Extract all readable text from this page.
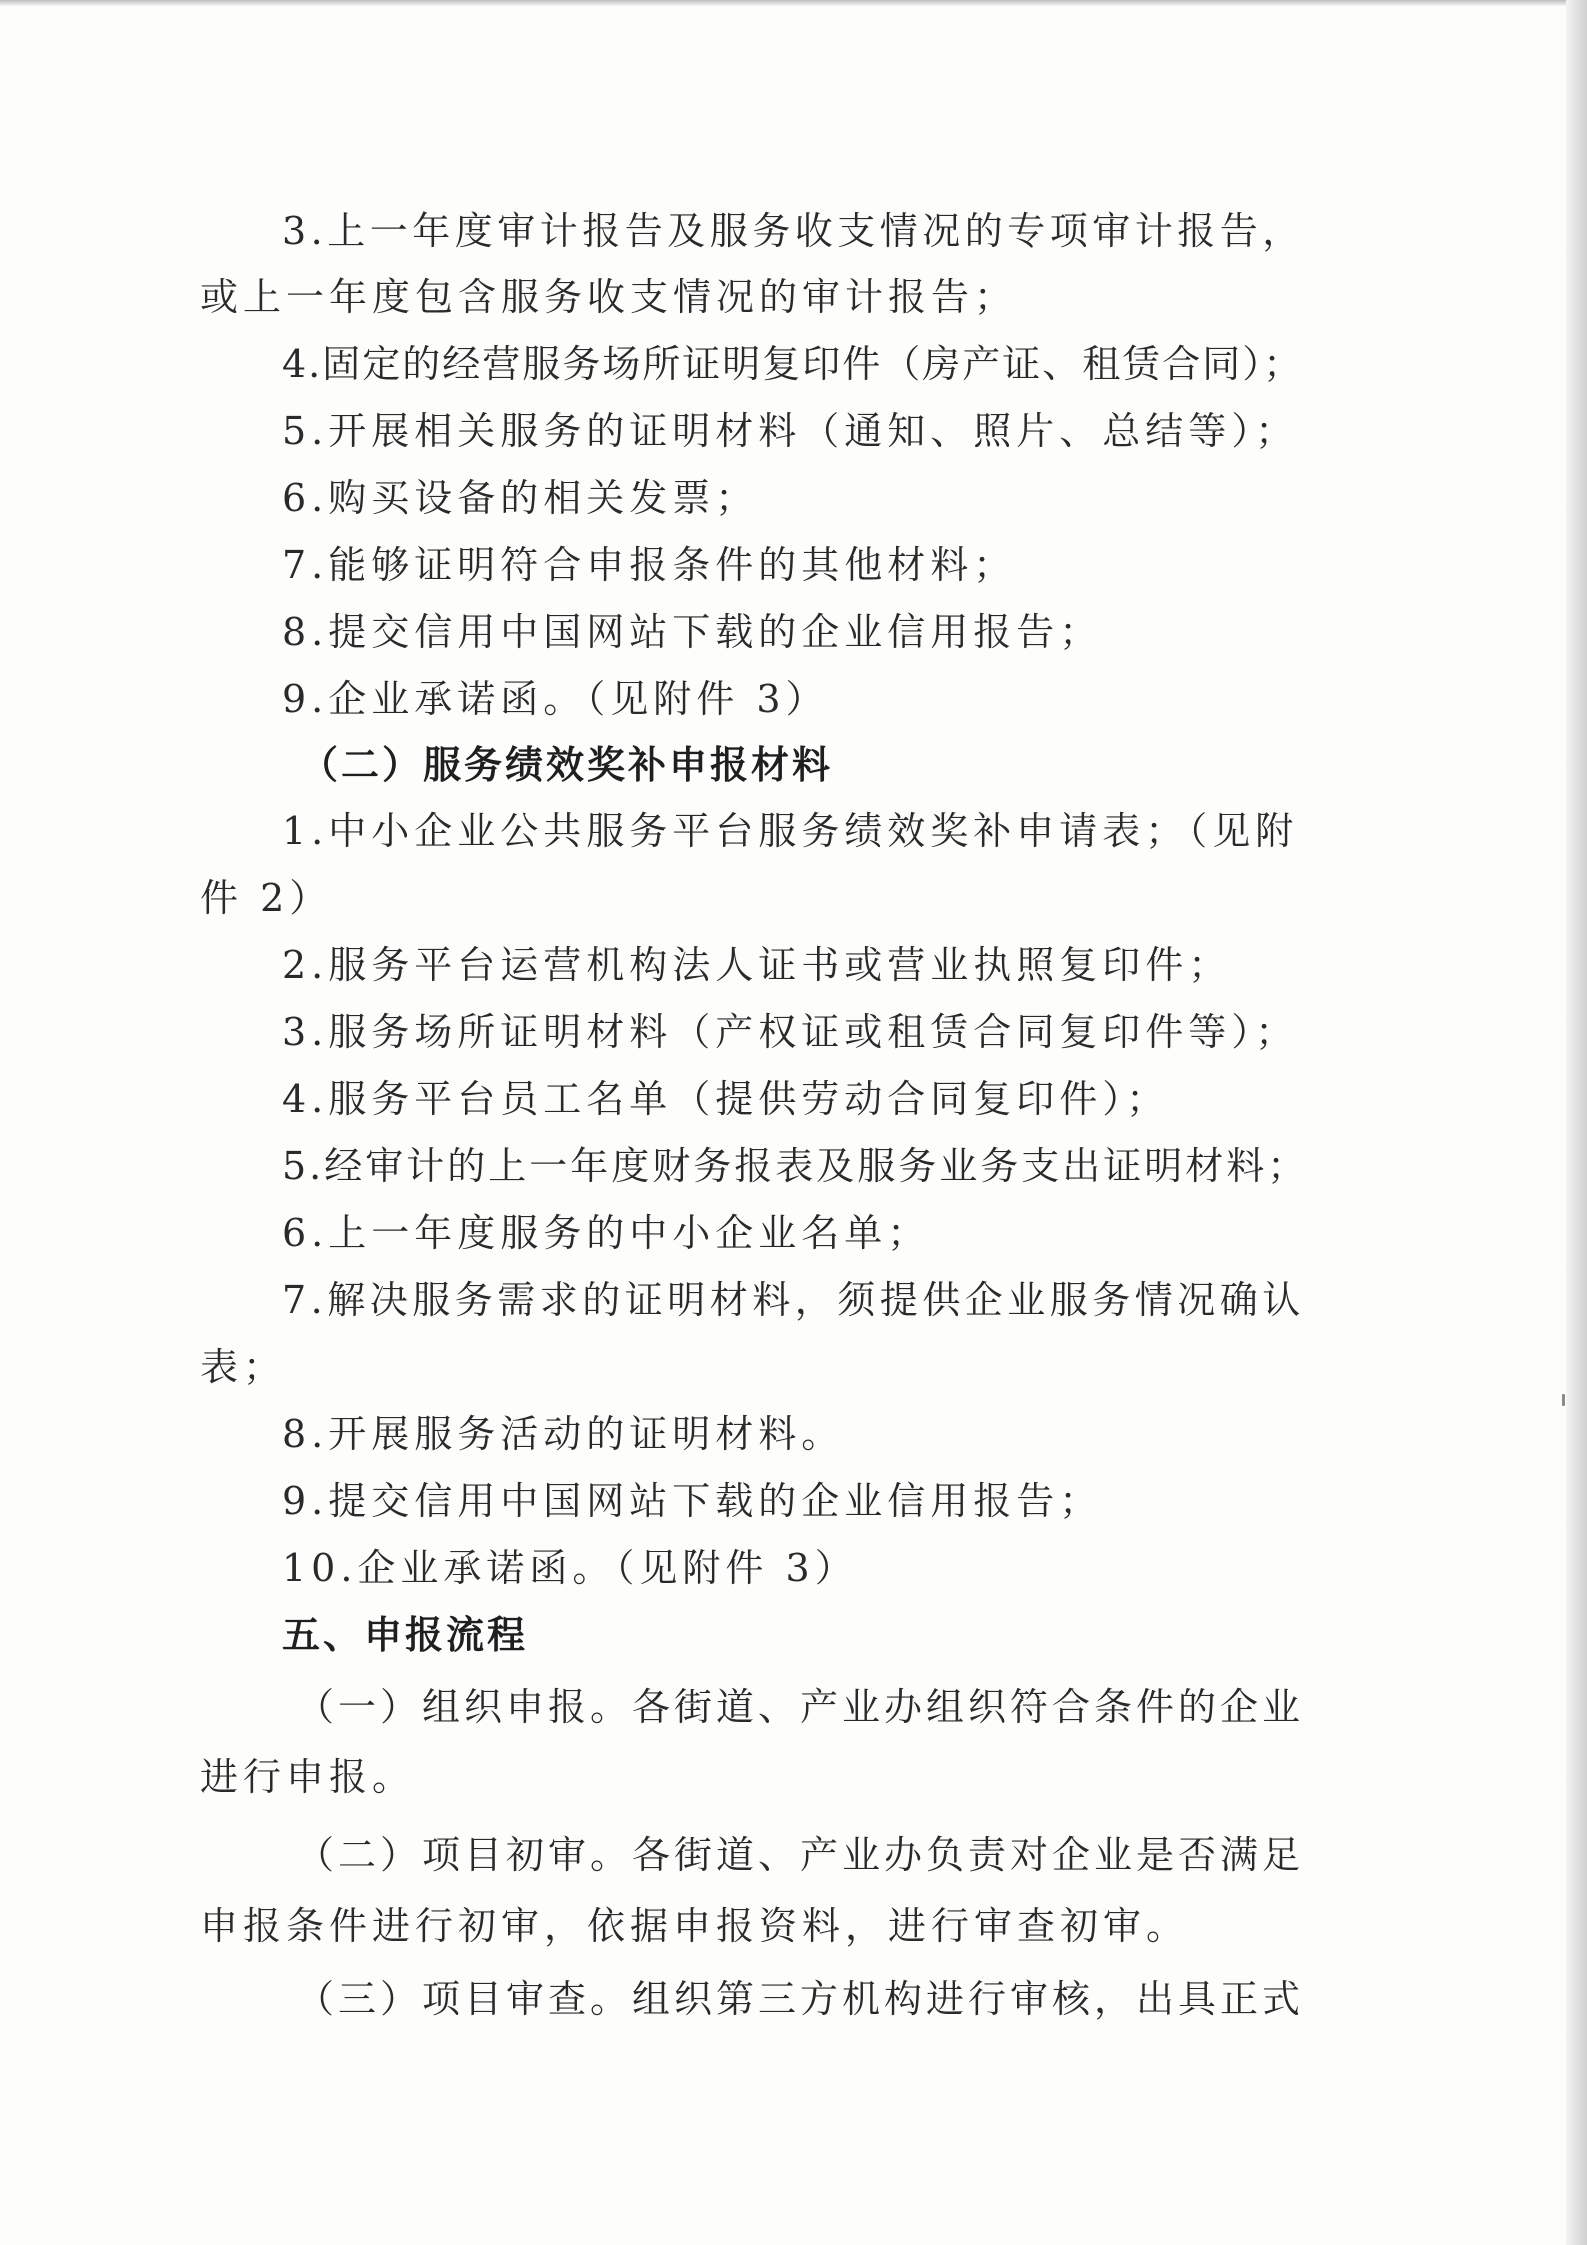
3.上一年度审计报告及服务收支情况的专项审计报告，

或上一年度包含服务收支情况的审计报告；

4.固定的经营服务场所证明复印件（房产证、租赁合同）；

5.开展相关服务的证明材料（通知、照片、总结等）；

6.购买设备的相关发票；

7.能够证明符合申报条件的其他材料；

8.提交信用中国网站下载的企业信用报告；

9.企业承诺函。（见附件 3）

（二）服务绩效奖补申报材料

1.中小企业公共服务平台服务绩效奖补申请表；（见附

件 2）

2.服务平台运营机构法人证书或营业执照复印件；

3.服务场所证明材料（产权证或租赁合同复印件等）；

4.服务平台员工名单（提供劳动合同复印件）；

5.经审计的上一年度财务报表及服务业务支出证明材料；

6.上一年度服务的中小企业名单；

7.解决服务需求的证明材料，须提供企业服务情况确认

表；

8.开展服务活动的证明材料。

9.提交信用中国网站下载的企业信用报告；

10.企业承诺函。（见附件 3）

五、申报流程

（一）组织申报。各街道、产业办组织符合条件的企业

进行申报。

（二）项目初审。各街道、产业办负责对企业是否满足

申报条件进行初审，依据申报资料，进行审查初审。

（三）项目审查。组织第三方机构进行审核，出具正式
